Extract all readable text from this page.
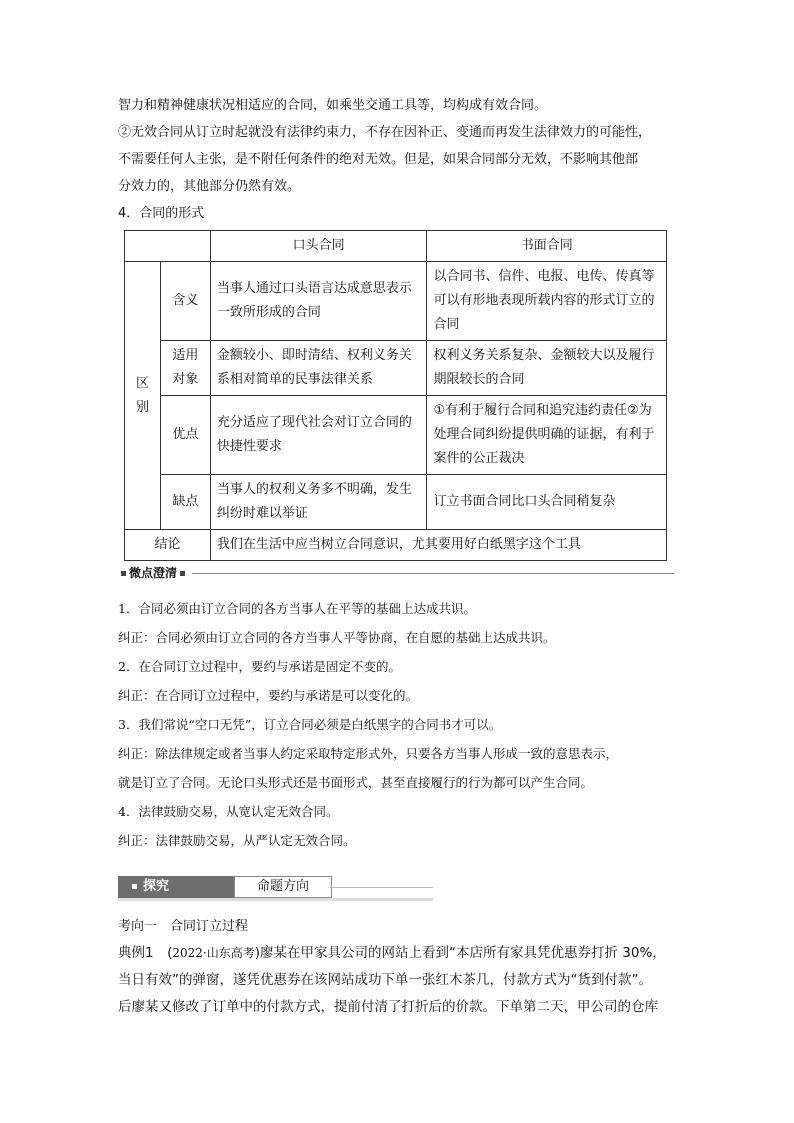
智力和精神健康状况相适应的合同，如乘坐交通工具等，均构成有效合同。

②无效合同从订立时起就没有法律约束力，不存在因补正、变通而再发生法律效力的可能性，

不需要任何人主张，是不附任何条件的绝对无效。但是，如果合同部分无效，不影响其他部

分效力的，其他部分仍然有效。

4．合同的形式
		口头合同	书面合同
区
别	含义	当事人通过口头语言达成意思表示一致所形成的合同	以合同书、信件、电报、电传、传真等可以有形地表现所载内容的形式订立的合同
	适用对象	金额较小、即时清结、权利义务关系相对简单的民事法律关系	权利义务关系复杂、金额较大以及履行期限较长的合同
	优点	充分适应了现代社会对订立合同的快捷性要求	①有利于履行合同和追究违约责任②为处理合同纠纷提供明确的证据，有利于案件的公正裁决
	缺点	当事人的权利义务多不明确，发生纠纷时难以举证	订立书面合同比口头合同稍复杂
结论		我们在生活中应当树立合同意识，尤其要用好白纸黑字这个工具	
微点澄清

1．合同必须由订立合同的各方当事人在平等的基础上达成共识。

纠正：合同必须由订立合同的各方当事人平等协商，在自愿的基础上达成共识。

2．在合同订立过程中，要约与承诺是固定不变的。

纠正：在合同订立过程中，要约与承诺是可以变化的。

3．我们常说“空口无凭”，订立合同必须是白纸黑字的合同书才可以。

纠正：除法律规定或者当事人约定采取特定形式外，只要各方当事人形成一致的意思表示，

就是订立了合同。无论口头形式还是书面形式，甚至直接履行的行为都可以产生合同。

4．法律鼓励交易，从宽认定无效合同。

纠正：法律鼓励交易，从严认定无效合同。

探究	命题方向
考向一　合同订立过程

典例1　(2022·山东高考)廖某在甲家具公司的网站上看到“本店所有家具凭优惠券打折 30%，

当日有效”的弹窗，遂凭优惠券在该网站成功下单一张红木茶几，付款方式为“货到付款”。

后廖某又修改了订单中的付款方式，提前付清了打折后的价款。下单第二天，甲公司的仓库
